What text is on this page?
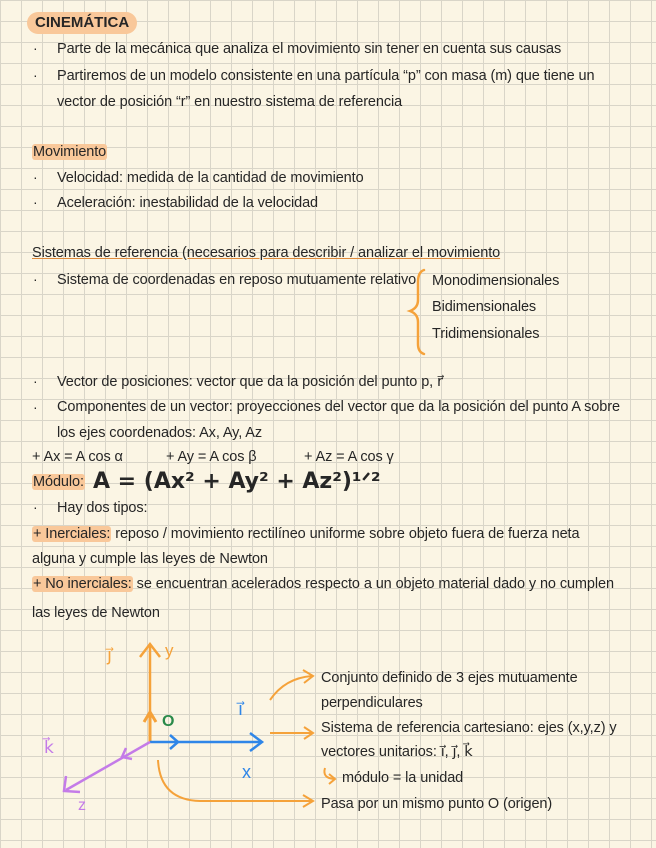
CINEMÁTICA
· Parte de la mecánica que analiza el movimiento sin tener en cuenta sus causas
· Partiremos de un modelo consistente en una partícula “p” con masa (m) que tiene un
vector de posición “r” en nuestro sistema de referencia
Movimiento
· Velocidad: medida de la cantidad de movimiento
· Aceleración: inestabilidad de la velocidad
Sistemas de referencia (necesarios para describir / analizar el movimiento
· Sistema de coordenadas en reposo mutuamente relativo Monodimensionales
Bidimensionales
Tridimensionales
· Vector de posiciones: vector que da la posición del punto p, r⃗
· Componentes de un vector: proyecciones del vector que da la posición del punto A sobre
los ejes coordenados: Ax, Ay, Az
+ Ax = A cos α	+ Ay = A cos β	+ Az = A cos γ
Módulo: A = (Ax² + Ay² + Az²)¹ᐟ²
· Hay dos tipos:
+ Inerciales: reposo / movimiento rectilíneo uniforme sobre objeto fuera de fuerza neta
alguna y cumple las leyes de Newton
+ No inerciales: se encuentran acelerados respecto a un objeto material dado y no cumplen
las leyes de Newton
Conjunto definido de 3 ejes mutuamente
perpendiculares
Sistema de referencia cartesiano: ejes (x,y,z) y
vectores unitarios: i⃗, j⃗, k⃗
módulo = la unidad
Pasa por un mismo punto O (origen)
j⃗	y
O
i⃗
x
k⃗
z
